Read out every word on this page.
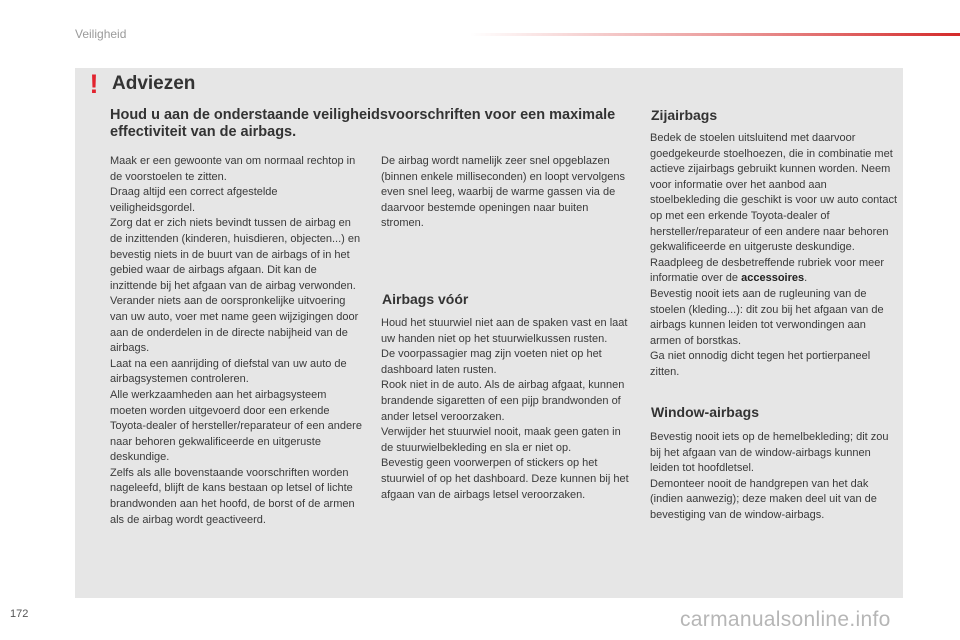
Veiligheid
! Adviezen
Houd u aan de onderstaande veiligheidsvoorschriften voor een maximale effectiviteit van de airbags.

Maak er een gewoonte van om normaal rechtop in de voorstoelen te zitten.

Draag altijd een correct afgestelde veiligheidsgordel.

Zorg dat er zich niets bevindt tussen de airbag en de inzittenden (kinderen, huisdieren, objecten...) en bevestig niets in de buurt van de airbags of in het gebied waar de airbags afgaan. Dit kan de inzittende bij het afgaan van de airbag verwonden.

Verander niets aan de oorspronkelijke uitvoering van uw auto, voer met name geen wijzigingen door aan de onderdelen in de directe nabijheid van de airbags.

Laat na een aanrijding of diefstal van uw auto de airbagsystemen controleren.

Alle werkzaamheden aan het airbagsysteem moeten worden uitgevoerd door een erkende Toyota-dealer of hersteller/reparateur of een andere naar behoren gekwalificeerde en uitgeruste deskundige.

Zelfs als alle bovenstaande voorschriften worden nageleefd, blijft de kans bestaan op letsel of lichte brandwonden aan het hoofd, de borst of de armen als de airbag wordt geactiveerd.

De airbag wordt namelijk zeer snel opgeblazen (binnen enkele milliseconden) en loopt vervolgens even snel leeg, waarbij de warme gassen via de daarvoor bestemde openingen naar buiten stromen.

Airbags vóór

Houd het stuurwiel niet aan de spaken vast en laat uw handen niet op het stuurwielkussen rusten.

De voorpassagier mag zijn voeten niet op het dashboard laten rusten.

Rook niet in de auto. Als de airbag afgaat, kunnen brandende sigaretten of een pijp brandwonden of ander letsel veroorzaken.

Verwijder het stuurwiel nooit, maak geen gaten in de stuurwielbekleding en sla er niet op.

Bevestig geen voorwerpen of stickers op het stuurwiel of op het dashboard. Deze kunnen bij het afgaan van de airbags letsel veroorzaken.

Zijairbags

Bedek de stoelen uitsluitend met daarvoor goedgekeurde stoelhoezen, die in combinatie met actieve zijairbags gebruikt kunnen worden. Neem voor informatie over het aanbod aan stoelbekleding die geschikt is voor uw auto contact op met een erkende Toyota-dealer of hersteller/reparateur of een andere naar behoren gekwalificeerde en uitgeruste deskundige.

Raadpleeg de desbetreffende rubriek voor meer informatie over de accessoires.

Bevestig nooit iets aan de rugleuning van de stoelen (kleding...): dit zou bij het afgaan van de airbags kunnen leiden tot verwondingen aan armen of borstkas.

Ga niet onnodig dicht tegen het portierpaneel zitten.

Window-airbags

Bevestig nooit iets op de hemelbekleding; dit zou bij het afgaan van de window-airbags kunnen leiden tot hoofdletsel.

Demonteer nooit de handgrepen van het dak (indien aanwezig); deze maken deel uit van de bevestiging van de window-airbags.

172	carmanualsonline.info
